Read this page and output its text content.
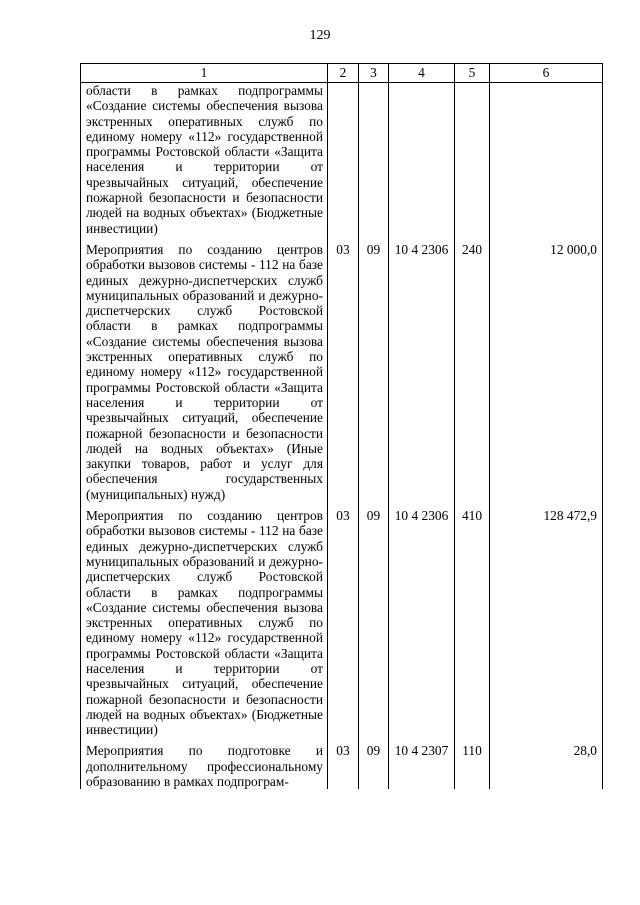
129
1	2	3	4	5	6
области в рамках подпрограммы «Создание системы обеспечения вызова экстренных оперативных служб по единому номеру «112» государственной программы Ростовской области «Защита населения и территории от чрезвычайных ситуаций, обеспечение пожарной безопасности и безопасности людей на водных объектах» (Бюджетные инвестиции)					
Мероприятия по созданию центров обработки вызовов системы - 112 на базе единых дежурно-диспетчерских служб муниципальных образований и дежурно-диспетчерских служб Ростовской области в рамках подпрограммы «Создание системы обеспечения вызова экстренных оперативных служб по единому номеру «112» государственной программы Ростовской области «Защита населения и территории от чрезвычайных ситуаций, обеспечение пожарной безопасности и безопасности людей на водных объектах» (Иные закупки товаров, работ и услуг для обеспечения государственных (муниципальных) нужд)	03	09	10 4 2306	240	12 000,0
Мероприятия по созданию центров обработки вызовов системы - 112 на базе единых дежурно-диспетчерских служб муниципальных образований и дежурно-диспетчерских служб Ростовской области в рамках подпрограммы «Создание системы обеспечения вызова экстренных оперативных служб по единому номеру «112» государственной программы Ростовской области «Защита населения и территории от чрезвычайных ситуаций, обеспечение пожарной безопасности и безопасности людей на водных объектах» (Бюджетные инвестиции)	03	09	10 4 2306	410	128 472,9
Мероприятия по подготовке и дополнительному профессиональному образованию в рамках подпрограм-	03	09	10 4 2307	110	28,0
